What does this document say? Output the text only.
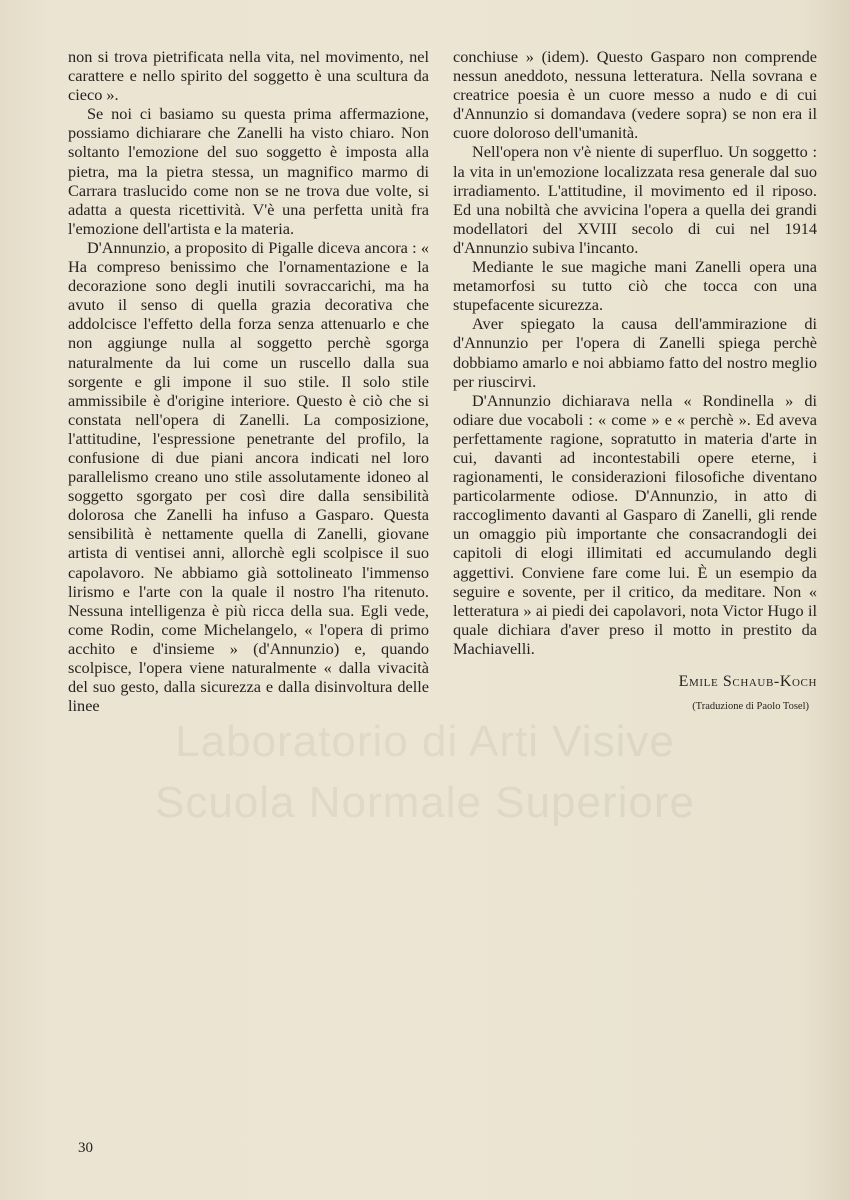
Laboratorio di Arti Visive
Scuola Normale Superiore

non si trova pietrificata nella vita, nel movimento, nel carattere e nello spirito del soggetto è una scultura da cieco ».

Se noi ci basiamo su questa prima affermazione, possiamo dichiarare che Zanelli ha visto chiaro. Non soltanto l'emozione del suo soggetto è imposta alla pietra, ma la pietra stessa, un magnifico marmo di Carrara traslucido come non se ne trova due volte, si adatta a questa ricettività. V'è una perfetta unità fra l'emozione dell'artista e la materia.

D'Annunzio, a proposito di Pigalle diceva ancora : « Ha compreso benissimo che l'ornamentazione e la decorazione sono degli inutili sovraccarichi, ma ha avuto il senso di quella grazia decorativa che addolcisce l'effetto della forza senza attenuarlo e che non aggiunge nulla al soggetto perchè sgorga naturalmente da lui come un ruscello dalla sua sorgente e gli impone il suo stile. Il solo stile ammissibile è d'origine interiore. Questo è ciò che si constata nell'opera di Zanelli. La composizione, l'attitudine, l'espressione penetrante del profilo, la confusione di due piani ancora indicati nel loro parallelismo creano uno stile assolutamente idoneo al soggetto sgorgato per così dire dalla sensibilità dolorosa che Zanelli ha infuso a Gasparo. Questa sensibilità è nettamente quella di Zanelli, giovane artista di ventisei anni, allorchè egli scolpisce il suo capolavoro. Ne abbiamo già sottolineato l'immenso lirismo e l'arte con la quale il nostro l'ha ritenuto. Nessuna intelligenza è più ricca della sua. Egli vede, come Rodin, come Michelangelo, « l'opera di primo acchito e d'insieme » (d'Annunzio) e, quando scolpisce, l'opera viene naturalmente « dalla vivacità del suo gesto, dalla sicurezza e dalla disinvoltura delle linee

conchiuse » (idem). Questo Gasparo non comprende nessun aneddoto, nessuna letteratura. Nella sovrana e creatrice poesia è un cuore messo a nudo e di cui d'Annunzio si domandava (vedere sopra) se non era il cuore doloroso dell'umanità.

Nell'opera non v'è niente di superfluo. Un soggetto : la vita in un'emozione localizzata resa generale dal suo irradiamento. L'attitudine, il movimento ed il riposo. Ed una nobiltà che avvicina l'opera a quella dei grandi modellatori del XVIII secolo di cui nel 1914 d'Annunzio subiva l'incanto.

Mediante le sue magiche mani Zanelli opera una metamorfosi su tutto ciò che tocca con una stupefacente sicurezza.

Aver spiegato la causa dell'ammirazione di d'Annunzio per l'opera di Zanelli spiega perchè dobbiamo amarlo e noi abbiamo fatto del nostro meglio per riuscirvi.

D'Annunzio dichiarava nella « Rondinella » di odiare due vocaboli : « come » e « perchè ». Ed aveva perfettamente ragione, sopratutto in materia d'arte in cui, davanti ad incontestabili opere eterne, i ragionamenti, le considerazioni filosofiche diventano particolarmente odiose. D'Annunzio, in atto di raccoglimento davanti al Gasparo di Zanelli, gli rende un omaggio più importante che consacrandogli dei capitoli di elogi illimitati ed accumulando degli aggettivi. Conviene fare come lui. È un esempio da seguire e sovente, per il critico, da meditare. Non « letteratura » ai piedi dei capolavori, nota Victor Hugo il quale dichiara d'aver preso il motto in prestito da Machiavelli.

Emile Schaub-Koch
(Traduzione di Paolo Tosel)
30
